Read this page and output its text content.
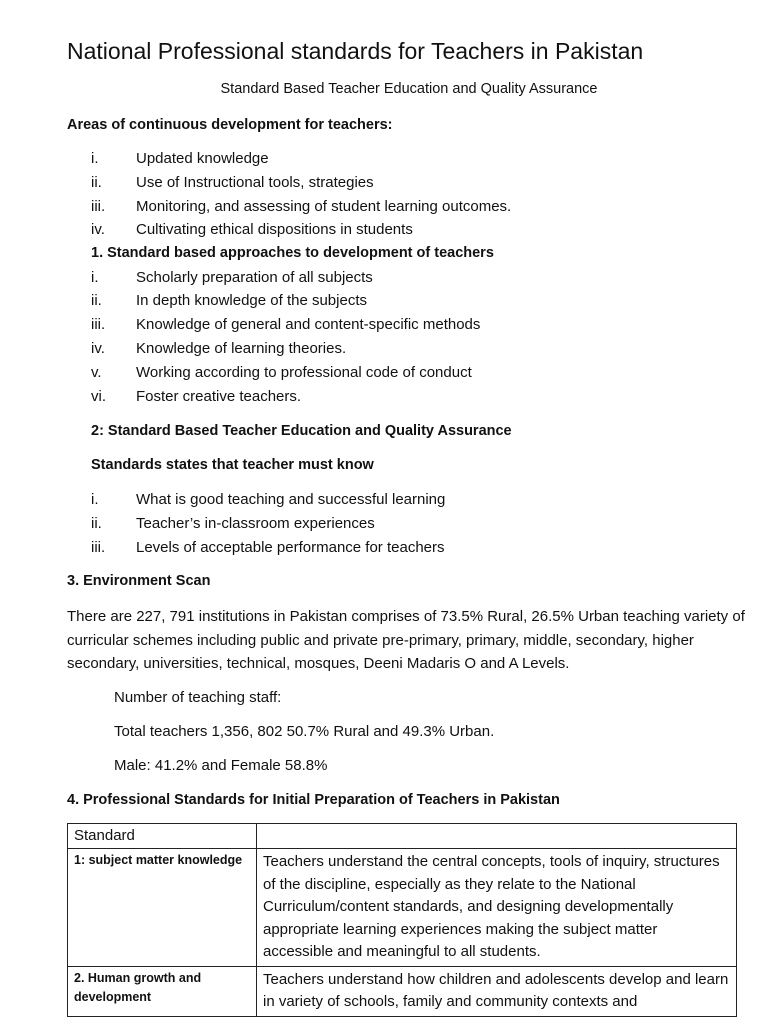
National Professional standards for Teachers in Pakistan
Standard Based Teacher Education and Quality Assurance
Areas of continuous development for teachers:
i.	Updated knowledge
ii. Use of Instructional tools, strategies
iii. Monitoring, and assessing of student learning outcomes.
iv. Cultivating ethical dispositions in students
1. Standard based approaches to development of teachers
i.	Scholarly preparation of all subjects
ii. In depth knowledge of the subjects
iii. Knowledge of general and content-specific methods
iv. Knowledge of learning theories.
v. Working according to professional code of conduct
vi. Foster creative teachers.
2: Standard Based Teacher Education and Quality Assurance
Standards states that teacher must know
i.	What is good teaching and successful learning
ii. Teacher’s in-classroom experiences
iii. Levels of acceptable performance for teachers
3. Environment Scan
There are 227, 791 institutions in Pakistan comprises of 73.5% Rural, 26.5% Urban teaching variety of curricular schemes including public and private pre-primary, primary, middle, secondary, higher secondary, universities, technical, mosques, Deeni Madaris O and A Levels.
Number of teaching staff:
Total teachers 1,356, 802 50.7% Rural and 49.3% Urban.
Male: 41.2% and Female 58.8%
4. Professional Standards for Initial Preparation of Teachers in Pakistan
Standard	
1: subject matter knowledge	Teachers understand the central concepts, tools of inquiry, structures of the discipline, especially as they relate to the National Curriculum/content standards, and designing developmentally appropriate learning experiences making the subject matter accessible and meaningful to all students.
2. Human growth and development	Teachers understand how children and adolescents develop and learn in variety of schools, family and community contexts and
